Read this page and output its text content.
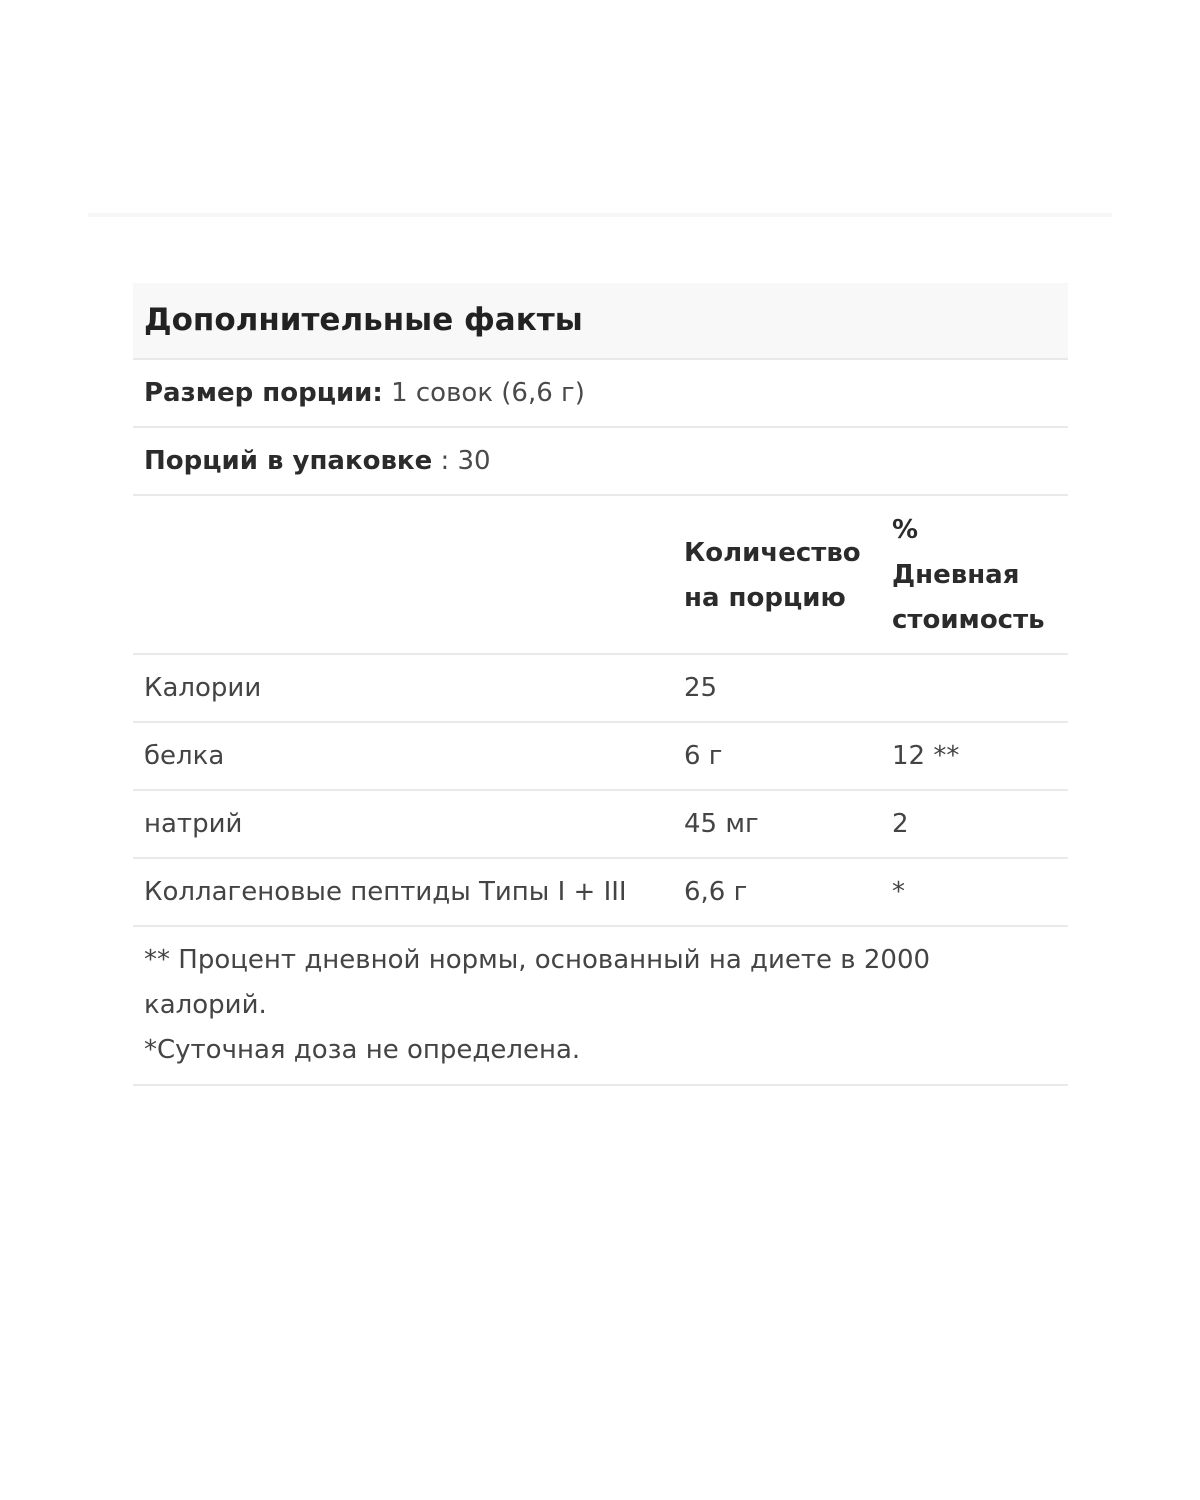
Дополнительные факты		
Размер порции: 1 совок (6,6 г)		
Порций в упаковке : 30		

	Количество
на порцию	%
Дневная
стоимость

Калории	25	
белка	6 г	12 **
натрий	45 мг	2
Коллагеновые пептиды Типы I + III	6,6 г	*

** Процент дневной нормы, основанный на диете в 2000
калорий.
*Суточная доза не определена.		
